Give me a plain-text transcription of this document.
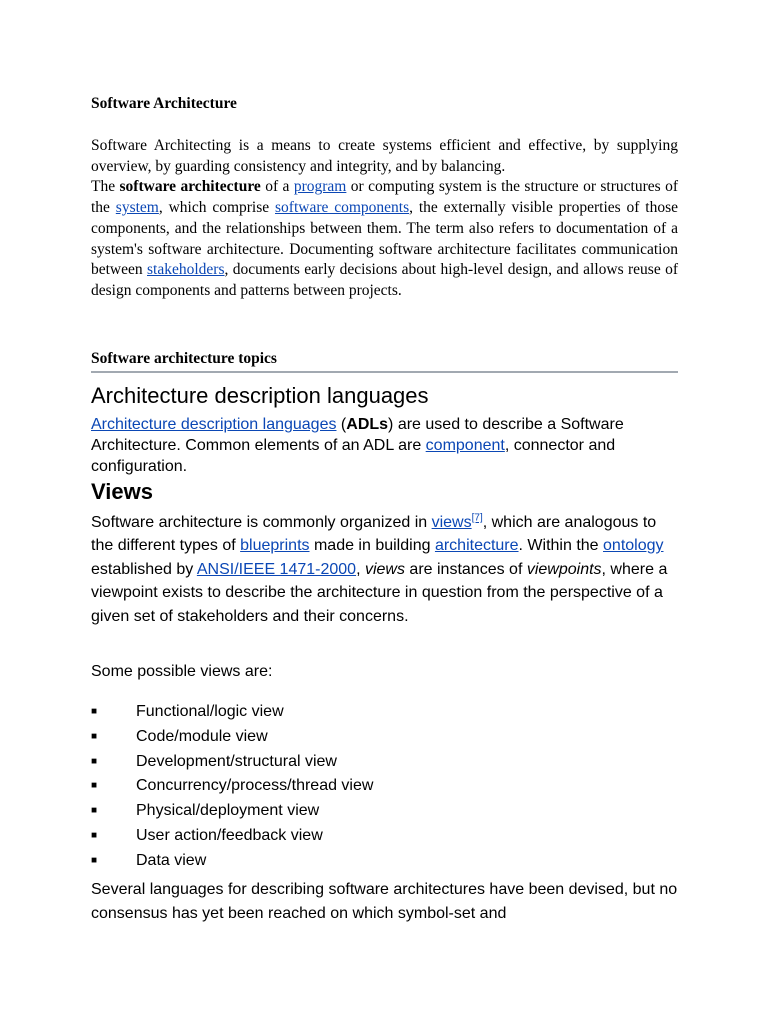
Software Architecture

Software Architecting is a means to create systems efficient and effective, by supplying overview, by guarding consistency and integrity, and by balancing.

The software architecture of a program or computing system is the structure or structures of the system, which comprise software components, the externally visible properties of those components, and the relationships between them. The term also refers to documentation of a system's software architecture. Documenting software architecture facilitates communication between stakeholders, documents early decisions about high-level design, and allows reuse of design components and patterns between projects.

Software architecture topics
Architecture description languages
Architecture description languages (ADLs) are used to describe a Software Architecture. Common elements of an ADL are component, connector and configuration.
Views
Software architecture is commonly organized in views[7], which are analogous to the different types of blueprints made in building architecture. Within the ontology established by ANSI/IEEE 1471-2000, views are instances of viewpoints, where a viewpoint exists to describe the architecture in question from the perspective of a given set of stakeholders and their concerns.
Some possible views are:
■ Functional/logic view
■ Code/module view
■ Development/structural view
■ Concurrency/process/thread view
■ Physical/deployment view
■ User action/feedback view
■ Data view
Several languages for describing software architectures have been devised, but no consensus has yet been reached on which symbol-set and
